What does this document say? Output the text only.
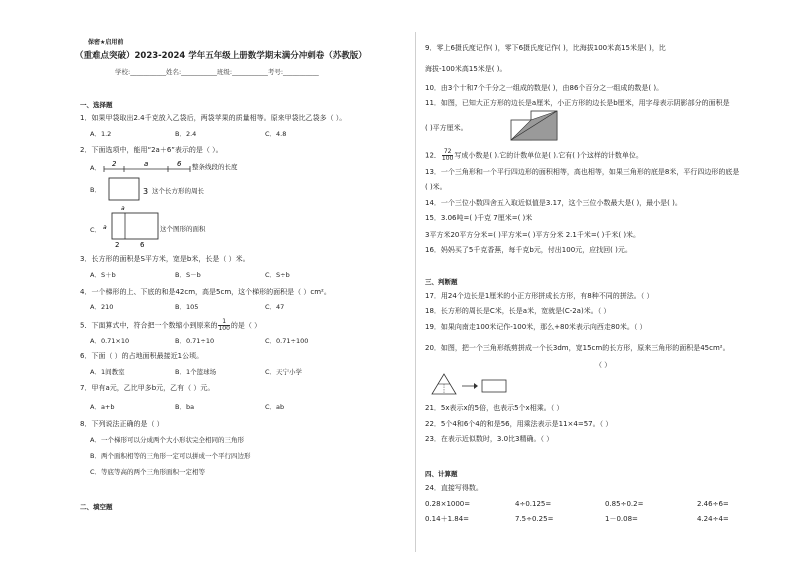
保密★启用前
（重难点突破）2023-2024 学年五年级上册数学期末满分冲刺卷（苏教版）
学校:___________姓名:___________班级:___________考号:___________
一、选择题
1．如果甲袋取出2.4千克放入乙袋后，两袋苹果的质量相等。原来甲袋比乙袋多（ ）。
A．1.2	B．2.4	C．4.8
2．下面选项中，能用“2a＋6”表示的是（ ）。
A． 2	a	6 整条线段的长度
B．	3 这个长方形的周长
C．
a
a
2	6
这个图形的面积
3．长方形的面积是S平方米，宽是b米，长是（ ）米。
A．S＋b	B．S－b	C．S÷b
4．一个梯形的上、下底的和是42cm，高是5cm，这个梯形的面积是（ ）cm²。
A．210	B．105	C．47
5．下面算式中，符合把一个数缩小到原来的 $\frac{1}{100}$ 的是（ ）
A．0.71×10	B．0.71÷10	C．0.71÷100
6．下面（ ）的占地面积最接近1公顷。
A．1间教室	B．1个篮球场	C．天宁小学
7．甲有a元，乙比甲多b元，乙有（ ）元。
A．a+b	B．ba	C．ab
8．下列说法正确的是（ ）
A．一个梯形可以分成两个大小形状完全相同的三角形
B．两个面积相等的三角形一定可以拼成一个平行四边形
C．等底等高的两个三角形面积一定相等
二、填空题
9．零上6摄氏度记作( )，零下6摄氏度记作( )，比海拔100米高15米是( )，比
海拔-100米高15米是( )。
10．由3个十和7个千分之一组成的数是( )，由86个百分之一组成的数是( )。
11．如图，已知大正方形的边长是a厘米，小正方形的边长是b厘米，用字母表示阴影部分的面积是
( )平方厘米。
12． $\frac{72}{100}$ 写成小数是( ).它的计数单位是( ).它有( )个这样的计数单位。
13．一个三角形和一个平行四边形的面积相等，高也相等，如果三角形的底是8米，平行四边形的底是
( )米。
14．一个三位小数四舍五入取近似值是3.17，这个三位小数最大是( )，最小是( )。
15．3.06吨=( )千克 7厘米=( )米
3平方米20平方分米=( )平方米=( )平方分米 2.1千米=( )千米( )米。
16．妈妈买了5千克香蕉，每千克b元，付出100元，应找回( )元。
三、判断题
17．用24个边长是1厘米的小正方形拼成长方形，有8种不同的拼法。（ ）
18．长方形的周长是C米，长是a米，宽就是(C-2a)米。（ ）
19．如果向南走100米记作-100米，那么+80米表示向西走80米。（ ）
20．如图，把一个三角形纸剪拼成一个长3dm，宽15cm的长方形，原来三角形的面积是45cm²。
（ ）
21．5x表示x的5倍，也表示5个x相乘。（ ）
22．5个4和6个4的和是56，用乘法表示是11×4=57。（ ）
23．在表示近似数时，3.0比3精确。（ ）
四、计算题
24．直接写得数。
0.28×1000=	4÷0.125=	0.85÷0.2=	2.46÷6=
0.14＋1.84=	7.5÷0.25=	1－0.08=	4.24÷4=
